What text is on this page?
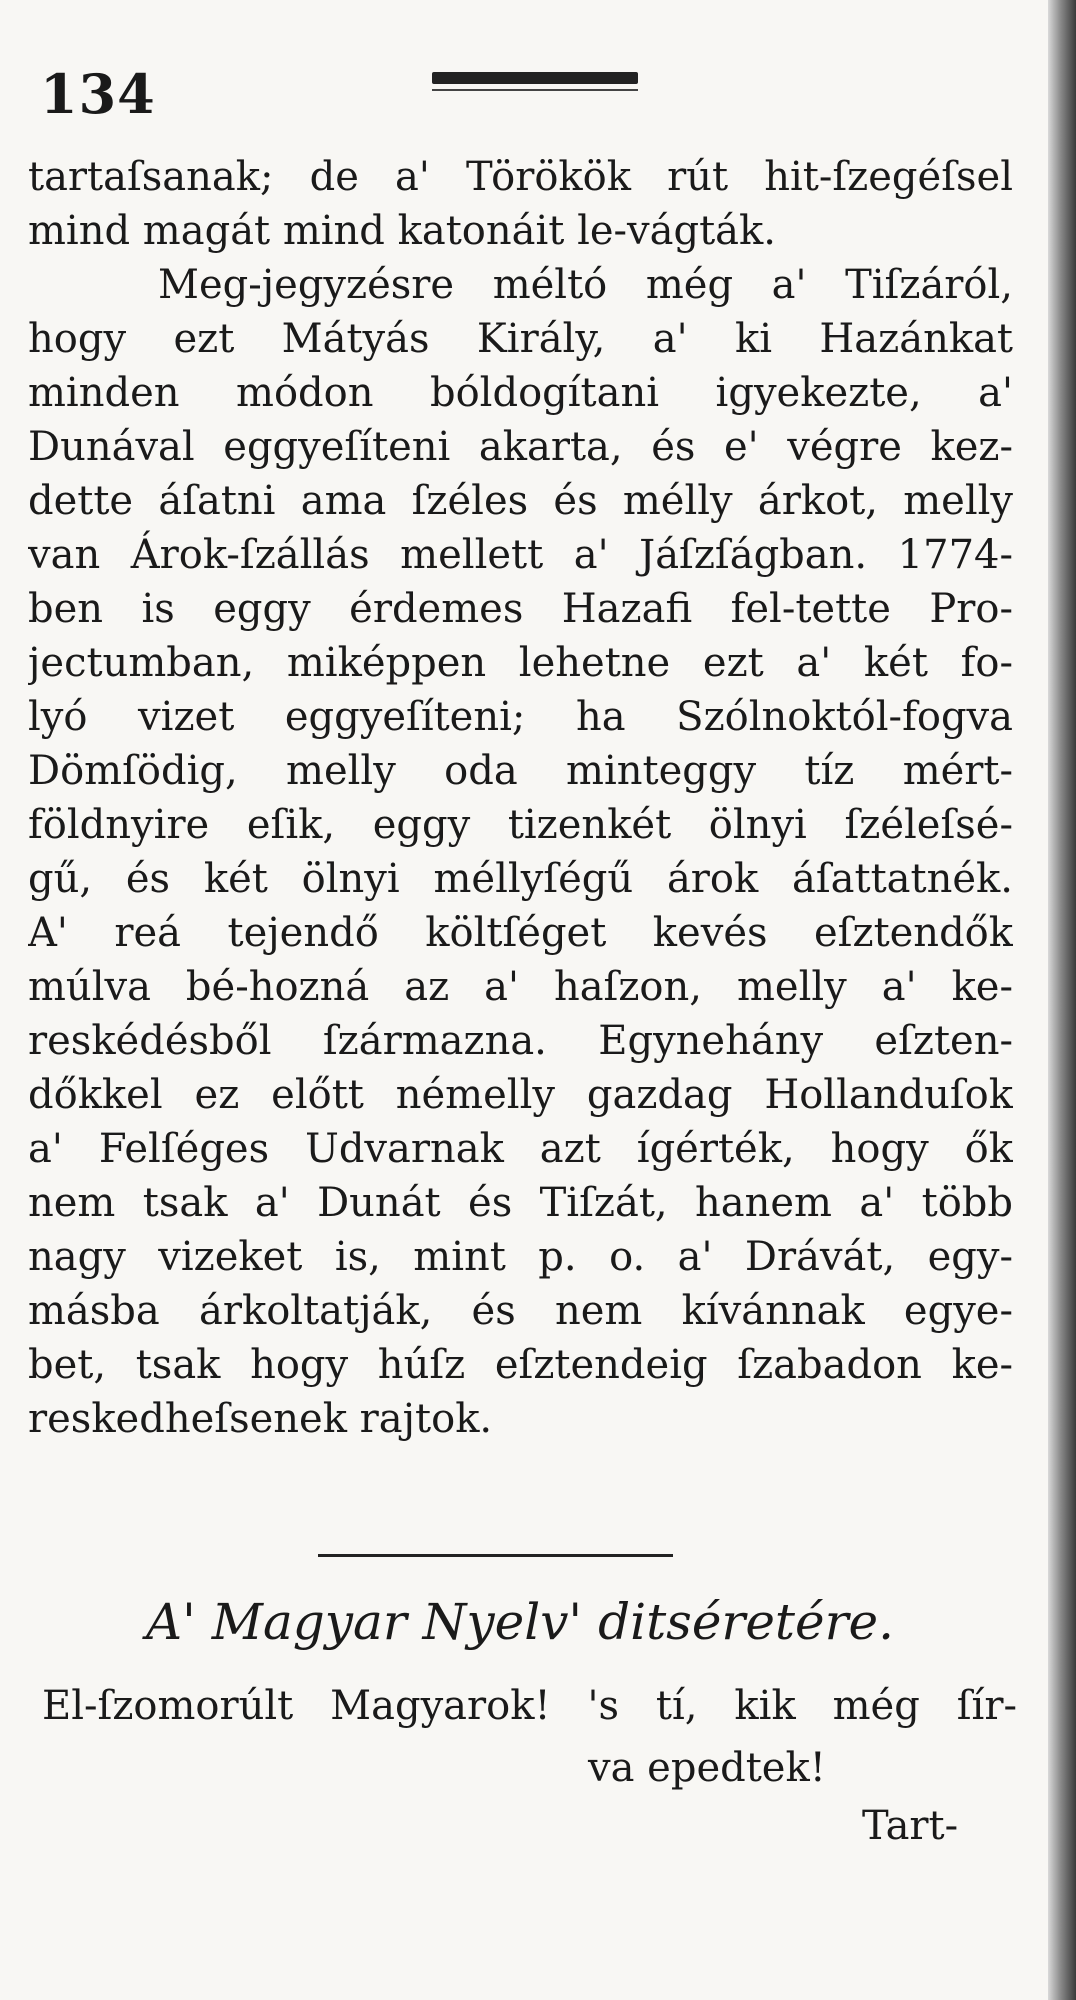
134
tartaſsanak; de a' Törökök rút hit-ſzegéſsel
mind magát mind katonáit le-vágták.
Meg-jegyzésre méltó még a' Tiſzáról,
hogy ezt Mátyás Király, a' ki Hazánkat
minden módon bóldogítani igyekezte, a'
Dunával eggyeſíteni akarta, és e' végre kez-
dette áſatni ama ſzéles és mélly árkot, melly
van Árok-ſzállás mellett a' Jáſzſágban. 1774-
ben is eggy érdemes Hazafi fel-tette Pro-
jectumban, miképpen lehetne ezt a' két fo-
lyó vizet eggyeſíteni; ha Szólnoktól-fogva
Dömſödig, melly oda minteggy tíz mért-
földnyire eſik, eggy tizenkét ölnyi ſzéleſsé-
gű, és két ölnyi méllyſégű árok áſattatnék.
A' reá tejendő költſéget kevés eſztendők
múlva bé-hozná az a' haſzon, melly a' ke-
reskédésből ſzármazna. Egynehány eſzten-
dőkkel ez előtt némelly gazdag Hollanduſok
a' Felſéges Udvarnak azt ígérték, hogy ők
nem tsak a' Dunát és Tiſzát, hanem a' több
nagy vizeket is, mint p. o. a' Drávát, egy-
másba árkoltatják, és nem kívánnak egye-
bet, tsak hogy húſz eſztendeig ſzabadon ke-
reskedheſsenek rajtok.
A' Magyar Nyelv' ditséretére.
El-ſzomorúlt Magyarok! 's tí, kik még ſír-
va epedtek!
Tart-
